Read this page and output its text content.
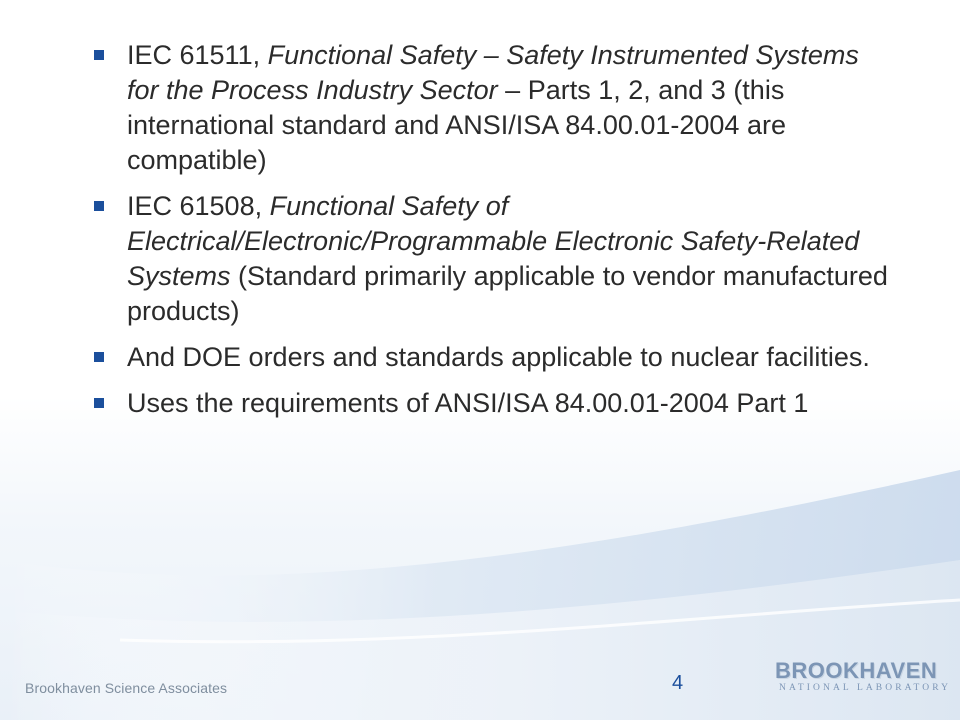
IEC 61511, Functional Safety – Safety Instrumented Systems for the Process Industry Sector – Parts 1, 2, and 3 (this international standard and ANSI/ISA 84.00.01-2004 are compatible)
IEC 61508, Functional Safety of Electrical/Electronic/Programmable Electronic Safety-Related Systems (Standard primarily applicable to vendor manufactured products)
And DOE orders and standards applicable to nuclear facilities.
Uses the requirements of ANSI/ISA 84.00.01-2004 Part 1
Brookhaven Science Associates	4	BROOKHAVEN
NATIONAL LABORATORY
